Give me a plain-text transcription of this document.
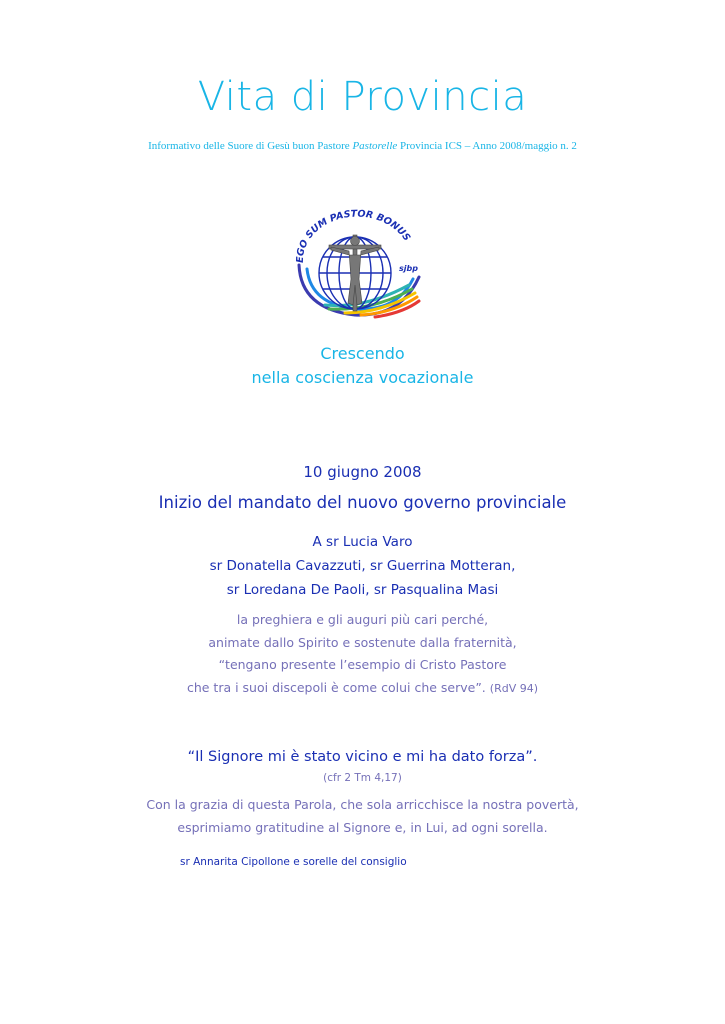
Vita di Provincia
Informativo delle Suore di Gesù buon Pastore Pastorelle Provincia ICS – Anno 2008/maggio n. 2
EGO SUM PASTOR BONUS
sjbp
Crescendo
nella coscienza vocazionale
10 giugno 2008
Inizio del mandato del nuovo governo provinciale
A sr Lucia Varo
sr Donatella Cavazzuti, sr Guerrina Motteran,
sr Loredana De Paoli, sr Pasqualina Masi
la preghiera e gli auguri più cari perché,
animate dallo Spirito e sostenute dalla fraternità,
“tengano presente l’esempio di Cristo Pastore
che tra i suoi discepoli è come colui che serve”. (RdV 94)
“Il Signore mi è stato vicino e mi ha dato forza”.
(cfr 2 Tm 4,17)
Con la grazia di questa Parola, che sola arricchisce la nostra povertà,
esprimiamo gratitudine al Signore e, in Lui, ad ogni sorella.
sr Annarita Cipollone e sorelle del consiglio
